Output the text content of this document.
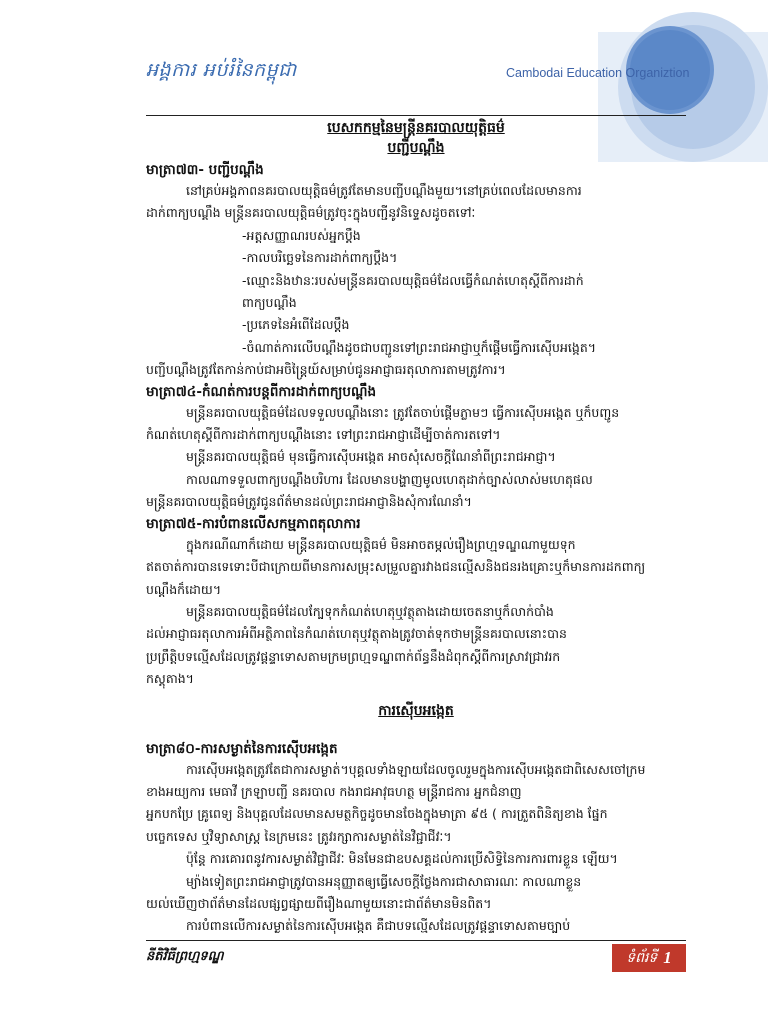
អង្គការ អប់រំនៃកម្ពុជា	Cambodai Education Organiztion

បេសកកម្មនៃមន្ត្រីនគរបាលយុត្តិធម៌

បញ្ជីបណ្តឹង

មាត្រា៧៣- បញ្ជីបណ្តឹង

នៅគ្រប់អង្គភាពនគរបាលយុត្តិធម៌ត្រូវតែមានបញ្ជីបណ្តឹងមួយ។នៅគ្រប់ពេលដែលមានការ

ដាក់ពាក្យបណ្តឹង មន្ត្រីនគរបាលយុត្តិធម៌ត្រូវចុះក្នុងបញ្ជីនូវនិទ្ទេសដូចតទៅៈ

-អត្តសញ្ញាណរបស់អ្នកប្តឹង

-កាលបរិច្ឆេទនៃការដាក់ពាក្យប្តឹង។

-ឈ្មោះនិងឋានៈរបស់មន្ត្រីនគរបាលយុត្តិធម៌ដែលធ្វើកំណត់ហេតុស្តីពីការដាក់

ពាក្យបណ្តឹង

-ប្រភេទនៃអំពើដែលប្តឹង

-ចំណាត់ការលើបណ្តឹងដូចជាបញ្ជូនទៅព្រះរាជអាជ្ញាឬក៏ផ្តើមធ្វើការស៊ើបអង្កេត។

បញ្ជីបណ្តឹងត្រូវតែកាន់កាប់ជាអចិន្ត្រៃយ៍សម្រាប់ជូនអាជ្ញាធរតុលាការតាមត្រូវការ។

មាត្រា៧៤-កំណត់ការបន្តពីការដាក់ពាក្យបណ្តឹង

មន្ត្រីនគរបាលយុត្តិធម៌ដែលទទួលបណ្តឹងនោះ ត្រូវតែចាប់ផ្តើមភ្លាមៗ ធ្វើការស៊ើបអង្កេត ឬក៏បញ្ជូន

កំណត់ហេតុស្តីពីការដាក់ពាក្យបណ្តឹងនោះ ទៅព្រះរាជអាជ្ញាដើម្បីចាត់ការតទៅ។

មន្ត្រីនគរបាលយុត្តិធម៌ មុនធ្វើការស៊ើបអង្កេត អាចសុំសេចក្តីណែនាំពីព្រះរាជអាជ្ញា។

កាលណាទទួលពាក្យបណ្តឹងបរិហារ ដែលមានបង្ហាញមូលហេតុដាក់ច្បាស់លាស់មហេតុផល

មន្ត្រីនគរបាលយុត្តិធម៌ត្រូវជូនព័ត៌មានដល់ព្រះរាជអាជ្ញានិងសុំការណែនាំ។

មាត្រា៧៥-ការបំពានលើសកម្មភាពតុលាការ

ក្នុងករណីណាក៏ដោយ មន្ត្រីនគរបាលយុត្តិធម៌ មិនអាចតម្កល់រឿងព្រហ្មទណ្ឌណាមួយទុក

ឥតចាត់ការបានទេទោះបីជាក្រោយពីមានការសម្រុះសម្រួលគ្នារវាងជនល្មើសនិងជនរងគ្រោះឬក៏មានការដកពាក្យ

បណ្តឹងក៏ដោយ។

មន្ត្រីនគរបាលយុត្តិធម៌ដែលក្បែទុកកំណត់ហេតុឬវត្ថុតាងដោយចេតនាឬក៏លាក់បាំង

ដល់អាជ្ញាធរតុលាការអំពីអត្ថិភាពនៃកំណត់ហេតុឬវត្ថុតាងត្រូវចាត់ទុកថាមន្ត្រីនគរបាលនោះបាន

ប្រព្រឹត្តិបទល្មើសដែលត្រូវផ្តន្ទាទោសតាមក្រមព្រហ្មទណ្ឌពាក់ព័ន្ធនឹងដំពុកស្តីពីការស្រាវជ្រាវរក

កស្តុតាង។

ការស៊ើបអង្កេត

មាត្រា៨០-ការសម្ងាត់នៃការស៊ើបអង្កេត

ការស៊ើបអង្កេតត្រូវតែជាការសម្ងាត់។បុគ្គលទាំងឡាយដែលចូលរួមក្នុងការស៊ើបអង្កេតជាពិសេសចៅក្រម

ខាងអយ្យការ មេធាវី ក្រឡាបញ្ជី នគរបាល កងរាជអាវុធហត្ថ មន្ត្រីរាជការ អ្នកជំនាញ

អ្នកបកប្រែ គ្រូពេទ្យ និងបុគ្គលដែលមានសមត្ថកិច្ចដូចមានចែងក្នុងមាត្រា ៩៥ ( ការត្រួតពិនិត្យខាង ផ្នែក

បច្ចេកទេស ឬវិទ្យាសាស្ត្រ នៃក្រមនេះ ត្រូវរក្សាការសម្ងាត់នៃវិជ្ជាជីវៈ។

ប៉ុន្តែ ការគោរពនូវការសម្ងាត់វិជ្ជាជីវៈ មិនមែនជាឧបសគ្គដល់ការប្រើសិទ្ធិនៃការការពារខ្លួន ឡើយ។

ម្យ៉ាងទៀតព្រះរាជអាជ្ញាត្រូវបានអនុញ្ញាតឲ្យធ្វើសេចក្តីថ្លែងការជាសាធារណៈ កាលណាខ្លួន

យល់ឃើញថាព័ត៌មានដែលផ្សព្វផ្សាយពីរឿងណាមួយនោះជាព័ត៌មានមិនពិត។

ការបំពានលើការសម្ងាត់នៃការស៊ើបអង្កេត គឺជាបទល្មើសដែលត្រូវផ្តន្ទាទោសតាមច្បាប់

នីតិវិធីព្រហ្មទណ្ឌ	ទំព័រទី 1
